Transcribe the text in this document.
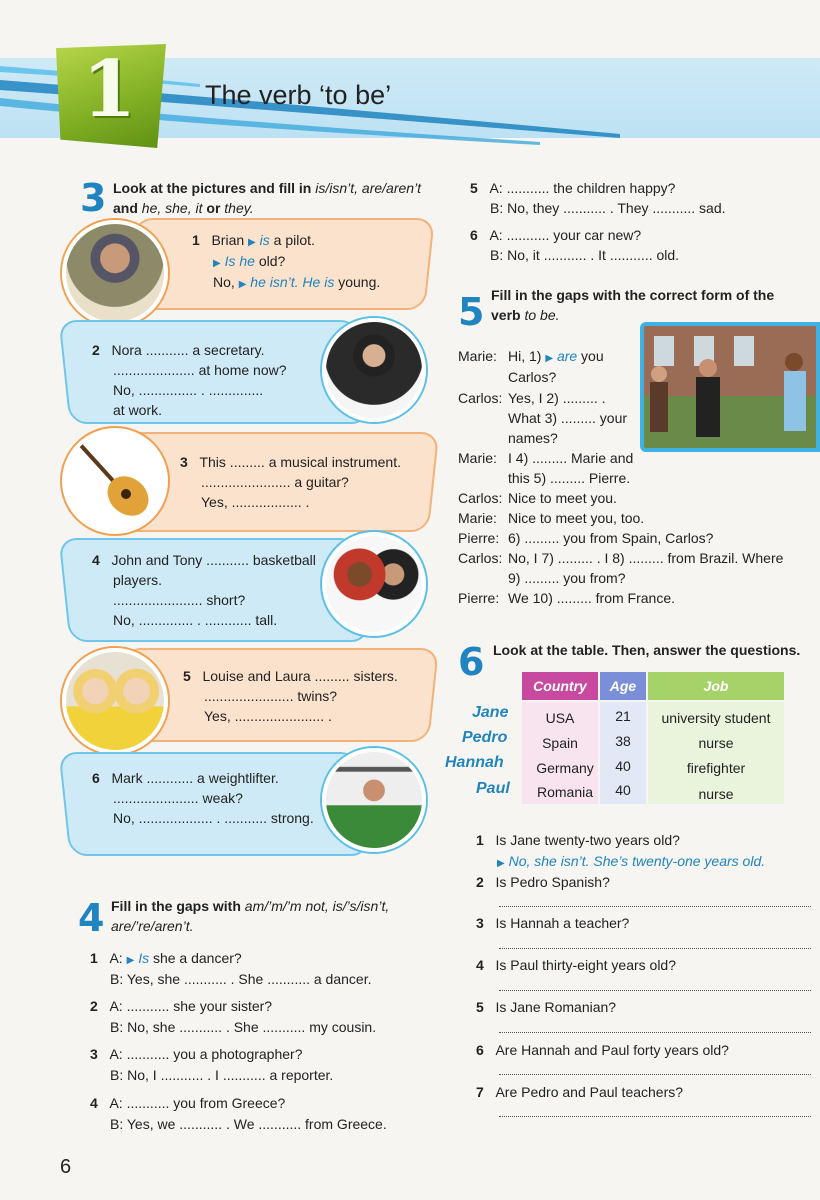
1	The verb ‘to be’
3 Look at the pictures and fill in is/isn’t, are/aren’t
and he, she, it or they.
1 Brian ▶ is a pilot.
▶ Is he old?
No, ▶ he isn’t. He is young.
2 Nora ........... a secretary.
..................... at home now?
No, ............... . ..............
at work.
3 This ......... a musical instrument.
....................... a guitar?
Yes, .................. .
4 John and Tony ........... basketball
players.
....................... short?
No, .............. . ............ tall.
5 Louise and Laura ......... sisters.
....................... twins?
Yes, ....................... .
6 Mark ............ a weightlifter.
...................... weak?
No, ................... . ........... strong.
5 A: ........... the children happy?
B: No, they ........... . They ........... sad.
6 A: ........... your car new?
B: No, it ........... . It ........... old.
5 Fill in the gaps with the correct form of the
verb to be.
Marie: Hi, 1) ▶ are you
Carlos?
Carlos: Yes, I 2) ......... .
What 3) ......... your
names?
Marie: I 4) ......... Marie and
this 5) ......... Pierre.
Carlos: Nice to meet you.
Marie: Nice to meet you, too.
Pierre: 6) ......... you from Spain, Carlos?
Carlos: No, I 7) ......... . I 8) ......... from Brazil. Where
9) ......... you from?
Pierre: We 10) ......... from France.
6 Look at the table. Then, answer the questions.
Country	Age	Job
Jane	USA	21	university student
Pedro	Spain	38	nurse
Hannah	Germany	40	firefighter
Paul	Romania	40	nurse
1 Is Jane twenty-two years old?
▶ No, she isn’t. She’s twenty-one years old.
2 Is Pedro Spanish?
3 Is Hannah a teacher?
4 Is Paul thirty-eight years old?
5 Is Jane Romanian?
6 Are Hannah and Paul forty years old?
7 Are Pedro and Paul teachers?
4 Fill in the gaps with am/’m/’m not, is/’s/isn’t,
are/’re/aren’t.
1 A: ▶ Is she a dancer?
B: Yes, she ........... . She ........... a dancer.
2 A: ........... she your sister?
B: No, she ........... . She ........... my cousin.
3 A: ........... you a photographer?
B: No, I ........... . I ........... a reporter.
4 A: ........... you from Greece?
B: Yes, we ........... . We ........... from Greece.
6
